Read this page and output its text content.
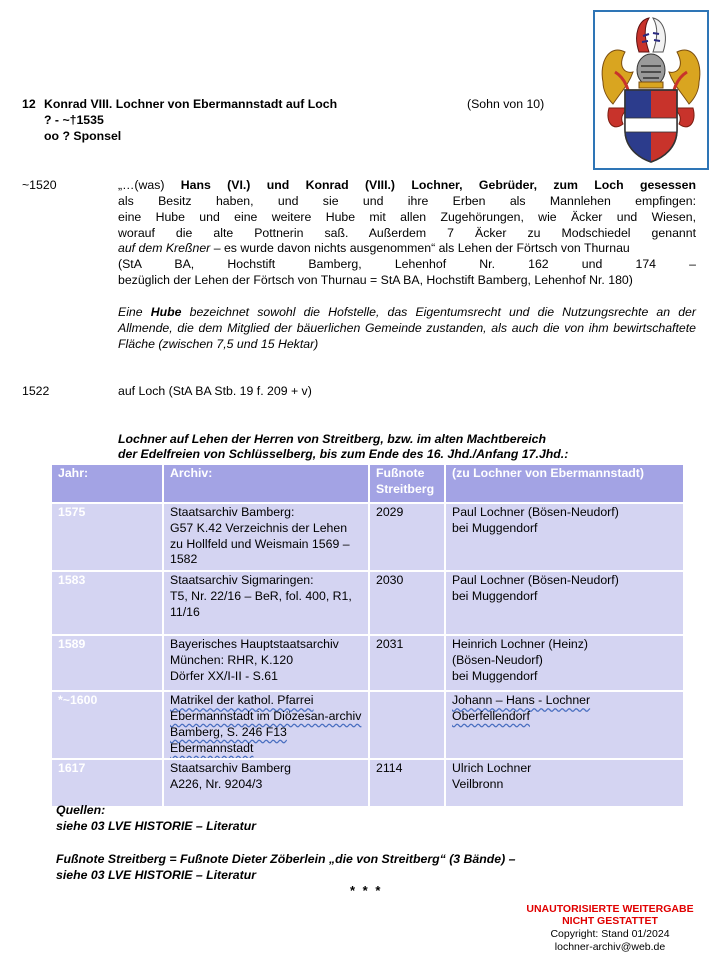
12 Konrad VIII. Lochner von Ebermannstadt auf Loch	(Sohn von 10)
? - ~†1535
oo ? Sponsel
~1520	„…(was) Hans (VI.) und Konrad (VIII.) Lochner, Gebrüder, zum Loch gesessen
als Besitz haben, und sie und ihre Erben als Mannlehen empfingen:
eine Hube und eine weitere Hube mit allen Zugehörungen, wie Äcker und Wiesen,
worauf die alte Pottnerin saß. Außerdem 7 Äcker zu Modschiedel genannt
auf dem Kreßner – es wurde davon nichts ausgenommen“ als Lehen der Förtsch von Thurnau
(StA BA, Hochstift Bamberg, Lehenhof Nr. 162 und 174 –
bezüglich der Lehen der Förtsch von Thurnau = StA BA, Hochstift Bamberg, Lehenhof Nr. 180)
Eine Hube bezeichnet sowohl die Hofstelle, das Eigentumsrecht und die Nutzungsrechte an der Allmende, die dem Mitglied der bäuerlichen Gemeinde zustanden, als auch die von ihm bewirtschaftete Fläche (zwischen 7,5 und 15 Hektar)
1522	auf Loch (StA BA Stb. 19 f. 209 + v)
Lochner auf Lehen der Herren von Streitberg, bzw. im alten Machtbereich
der Edelfreien von Schlüsselberg, bis zum Ende des 16. Jhd./Anfang 17.Jhd.:
Jahr:	Archiv:	Fußnote Streitberg	(zu Lochner von Ebermannstadt)
1575	Staatsarchiv Bamberg:
G57 K.42 Verzeichnis der Lehen zu Hollfeld und Weismain 1569 – 1582	2029	Paul Lochner (Bösen-Neudorf)
bei Muggendorf
1583	Staatsarchiv Sigmaringen:
T5, Nr. 22/16 – BeR, fol. 400, R1, 11/16	2030	Paul Lochner (Bösen-Neudorf)
bei Muggendorf
1589	Bayerisches Hauptstaatsarchiv München: RHR, K.120
Dörfer XX/I-II - S.61	2031	Heinrich Lochner (Heinz)
(Bösen-Neudorf)
bei Muggendorf
*~1600	Matrikel der kathol. Pfarrei Ebermannstadt im Diözesan-archiv Bamberg, S. 246 F13 Ebermannstadt		Johann – Hans - Lochner
Oberfellendorf
1617	Staatsarchiv Bamberg
A226, Nr. 9204/3	2114	Ulrich Lochner
Veilbronn
Quellen:
siehe 03 LVE HISTORIE – Literatur
Fußnote Streitberg = Fußnote Dieter Zöberlein „die von Streitberg“ (3 Bände) –
siehe 03 LVE HISTORIE – Literatur
* * *
UNAUTORISIERTE WEITERGABE
NICHT GESTATTET
Copyright: Stand 01/2024
lochner-archiv@web.de
